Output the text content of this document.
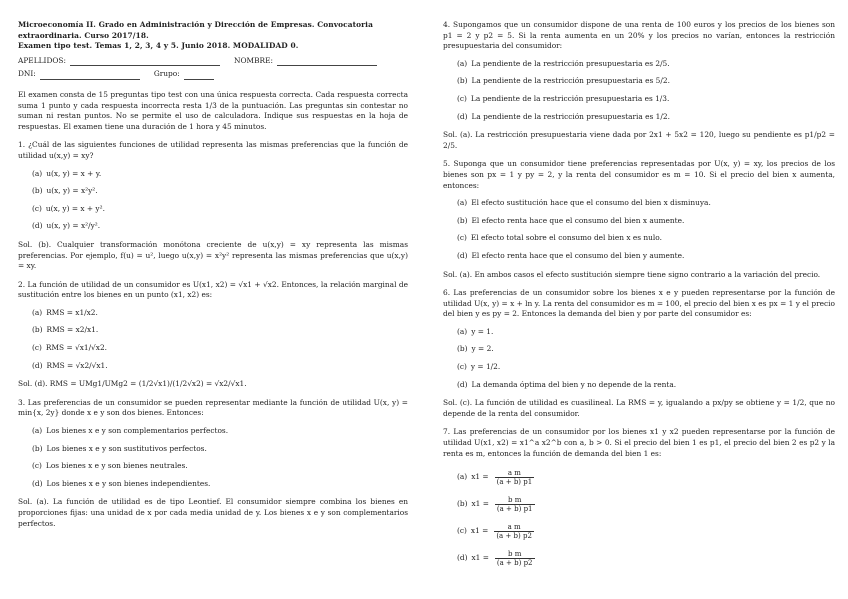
Microeconomía II. Grado en Administración y Dirección de Empresas. Convocatoria extraordinaria. Curso 2017/18.

Examen tipo test. Temas 1, 2, 3, 4 y 5. Junio 2018. MODALIDAD 0.

APELLIDOS:	NOMBRE:
DNI:	Grupo:

El examen consta de 15 preguntas tipo test con una única respuesta correcta. Cada respuesta correcta suma 1 punto y cada respuesta incorrecta resta 1/3 de la puntuación. Las preguntas sin contestar no suman ni restan puntos. No se permite el uso de calculadora. Indique sus respuestas en la hoja de respuestas. El examen tiene una duración de 1 hora y 45 minutos.

1. ¿Cuál de las siguientes funciones de utilidad representa las mismas preferencias que la función de utilidad u(x,y) = xy?

(a) u(x, y) = x + y.
(b) u(x, y) = x²y².
(c) u(x, y) = x + y².
(d) u(x, y) = x²/y².

Sol. (b). Cualquier transformación monótona creciente de u(x,y) = xy representa las mismas preferencias. Por ejemplo, f(u) = u², luego u(x,y) = x²y² representa las mismas preferencias que u(x,y) = xy.

2. La función de utilidad de un consumidor es U(x1, x2) = √x1 + √x2. Entonces, la relación marginal de sustitución entre los bienes en un punto (x1, x2) es:

(a) RMS = x1/x2.
(b) RMS = x2/x1.
(c) RMS = √x1/√x2.
(d) RMS = √x2/√x1.

Sol. (d). RMS = UMg1/UMg2 = (1/2√x1)/(1/2√x2) = √x2/√x1.

3. Las preferencias de un consumidor se pueden representar mediante la función de utilidad U(x, y) = min{x, 2y} donde x e y son dos bienes. Entonces:

(a) Los bienes x e y son complementarios perfectos.
(b) Los bienes x e y son sustitutivos perfectos.
(c) Los bienes x e y son bienes neutrales.
(d) Los bienes x e y son bienes independientes.

Sol. (a). La función de utilidad es de tipo Leontief. El consumidor siempre combina los bienes en proporciones fijas: una unidad de x por cada media unidad de y. Los bienes x e y son complementarios perfectos.

4. Supongamos que un consumidor dispone de una renta de 100 euros y los precios de los bienes son p1 = 2 y p2 = 5. Si la renta aumenta en un 20% y los precios no varían, entonces la restricción presupuestaria del consumidor:

(a) La pendiente de la restricción presupuestaria es 2/5.
(b) La pendiente de la restricción presupuestaria es 5/2.
(c) La pendiente de la restricción presupuestaria es 1/3.
(d) La pendiente de la restricción presupuestaria es 1/2.

Sol. (a). La restricción presupuestaria viene dada por 2x1 + 5x2 = 120, luego su pendiente es p1/p2 = 2/5.

5. Suponga que un consumidor tiene preferencias representadas por U(x, y) = xy, los precios de los bienes son px = 1 y py = 2, y la renta del consumidor es m = 10. Si el precio del bien x aumenta, entonces:

(a) El efecto sustitución hace que el consumo del bien x disminuya.
(b) El efecto renta hace que el consumo del bien x aumente.
(c) El efecto total sobre el consumo del bien x es nulo.
(d) El efecto renta hace que el consumo del bien y aumente.

Sol. (a). En ambos casos el efecto sustitución siempre tiene signo contrario a la variación del precio.

6. Las preferencias de un consumidor sobre los bienes x e y pueden representarse por la función de utilidad U(x, y) = x + ln y. La renta del consumidor es m = 100, el precio del bien x es px = 1 y el precio del bien y es py = 2. Entonces la demanda del bien y por parte del consumidor es:

(a) y = 1.
(b) y = 2.
(c) y = 1/2.
(d) La demanda óptima del bien y no depende de la renta.

Sol. (c). La función de utilidad es cuasilineal. La RMS = y, igualando a px/py se obtiene y = 1/2, que no depende de la renta del consumidor.

7. Las preferencias de un consumidor por los bienes x1 y x2 pueden representarse por la función de utilidad U(x1, x2) = x1^a x2^b con a, b > 0. Si el precio del bien 1 es p1, el precio del bien 2 es p2 y la renta es m, entonces la función de demanda del bien 1 es:

(a) $x1 = \frac{\text{a m}}{(a + b) p1}$
(b) $x1 = \frac{\text{b m}}{(a + b) p1}$
(c) $x1 = \frac{\text{a m}}{(a + b) p2}$
(d) $x1 = \frac{\text{b m}}{(a + b) p2}$
